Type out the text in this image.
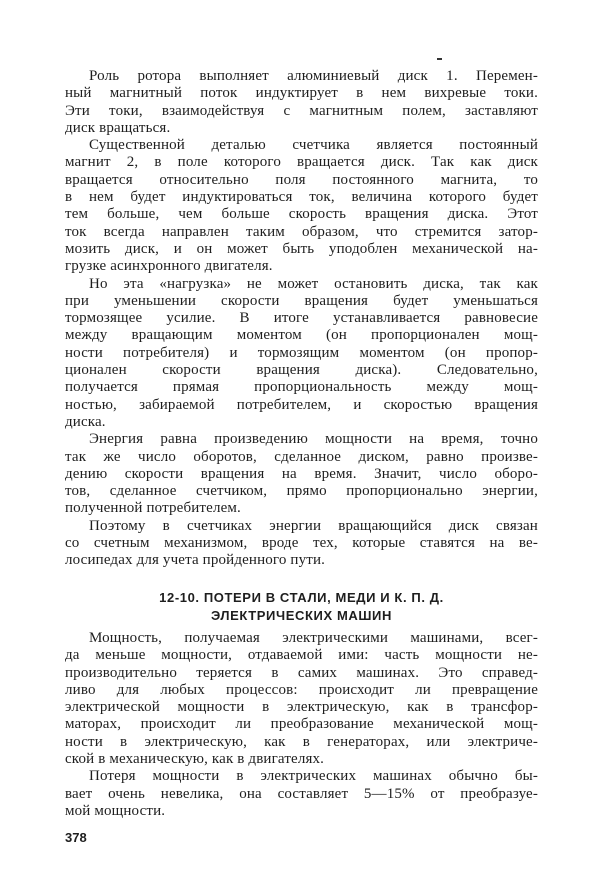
Роль ротора выполняет алюминиевый диск 1. Перемен-
ный магнитный поток индуктирует в нем вихревые токи.
Эти токи, взаимодействуя с магнитным полем, заставляют
диск вращаться.
Существенной деталью счетчика является постоянный
магнит 2, в поле которого вращается диск. Так как диск
вращается относительно поля постоянного магнита, то
в нем будет индуктироваться ток, величина которого будет
тем больше, чем больше скорость вращения диска. Этот
ток всегда направлен таким образом, что стремится затор-
мозить диск, и он может быть уподоблен механической на-
грузке асинхронного двигателя.
Но эта «нагрузка» не может остановить диска, так как
при уменьшении скорости вращения будет уменьшаться
тормозящее усилие. В итоге устанавливается равновесие
между вращающим моментом (он пропорционален мощ-
ности потребителя) и тормозящим моментом (он пропор-
ционален скорости вращения диска). Следовательно,
получается прямая пропорциональность между мощ-
ностью, забираемой потребителем, и скоростью вращения
диска.
Энергия равна произведению мощности на время, точно
так же число оборотов, сделанное диском, равно произве-
дению скорости вращения на время. Значит, число оборо-
тов, сделанное счетчиком, прямо пропорционально энергии,
полученной потребителем.
Поэтому в счетчиках энергии вращающийся диск связан
со счетным механизмом, вроде тех, которые ставятся на ве-
лосипедах для учета пройденного пути.
12-10. ПОТЕРИ В СТАЛИ, МЕДИ И К. П. Д.
ЭЛЕКТРИЧЕСКИХ МАШИН
Мощность, получаемая электрическими машинами, всег-
да меньше мощности, отдаваемой ими: часть мощности не-
производительно теряется в самих машинах. Это справед-
ливо для любых процессов: происходит ли превращение
электрической мощности в электрическую, как в трансфор-
маторах, происходит ли преобразование механической мощ-
ности в электрическую, как в генераторах, или электриче-
ской в механическую, как в двигателях.
Потеря мощности в электрических машинах обычно бы-
вает очень невелика, она составляет 5—15% от преобразуе-
мой мощности.
378
